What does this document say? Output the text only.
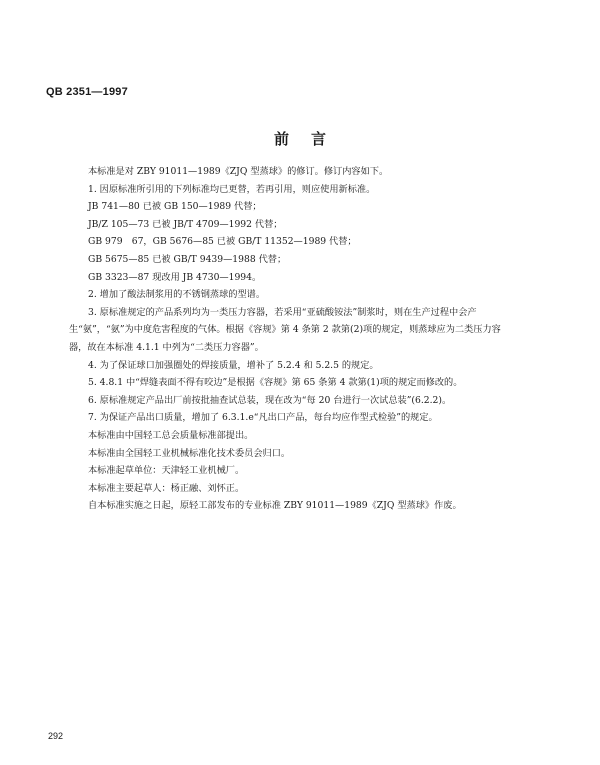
QB 2351—1997
前言
本标准是对 ZBY 91011—1989《ZJQ 型蒸球》的修订。修订内容如下。
1. 因原标准所引用的下列标准均已更替，若再引用，则应使用新标准。
JB 741—80 已被 GB 150—1989 代替；
JB/Z 105—73 已被 JB/T 4709—1992 代替；
GB 979　67，GB 5676—85 已被 GB/T 11352—1989 代替；
GB 5675—85 已被 GB/T 9439—1988 代替；
GB 3323—87 现改用 JB 4730—1994。
2. 增加了酸法制浆用的不锈钢蒸球的型谱。
3. 原标准规定的产品系列均为一类压力容器，若采用“亚硫酸铵法”制浆时，则在生产过程中会产
生“氨”，“氨”为中度危害程度的气体。根据《容规》第 4 条第 2 款第(2)项的规定，则蒸球应为二类压力容
器，故在本标准 4.1.1 中列为“二类压力容器”。
4. 为了保证球口加强圈处的焊接质量，增补了 5.2.4 和 5.2.5 的规定。
5. 4.8.1 中“焊缝表面不得有咬边”是根据《容规》第 65 条第 4 款第(1)项的规定而修改的。
6. 原标准规定产品出厂前按批抽查试总装，现在改为“每 20 台进行一次试总装”(6.2.2)。
7. 为保证产品出口质量，增加了 6.3.1.e“凡出口产品，每台均应作型式检验”的规定。
本标准由中国轻工总会质量标准部提出。
本标准由全国轻工业机械标准化技术委员会归口。
本标准起草单位：天津轻工业机械厂。
本标准主要起草人：杨正融、刘怀正。
自本标准实施之日起，原轻工部发布的专业标准 ZBY 91011—1989《ZJQ 型蒸球》作废。
292
